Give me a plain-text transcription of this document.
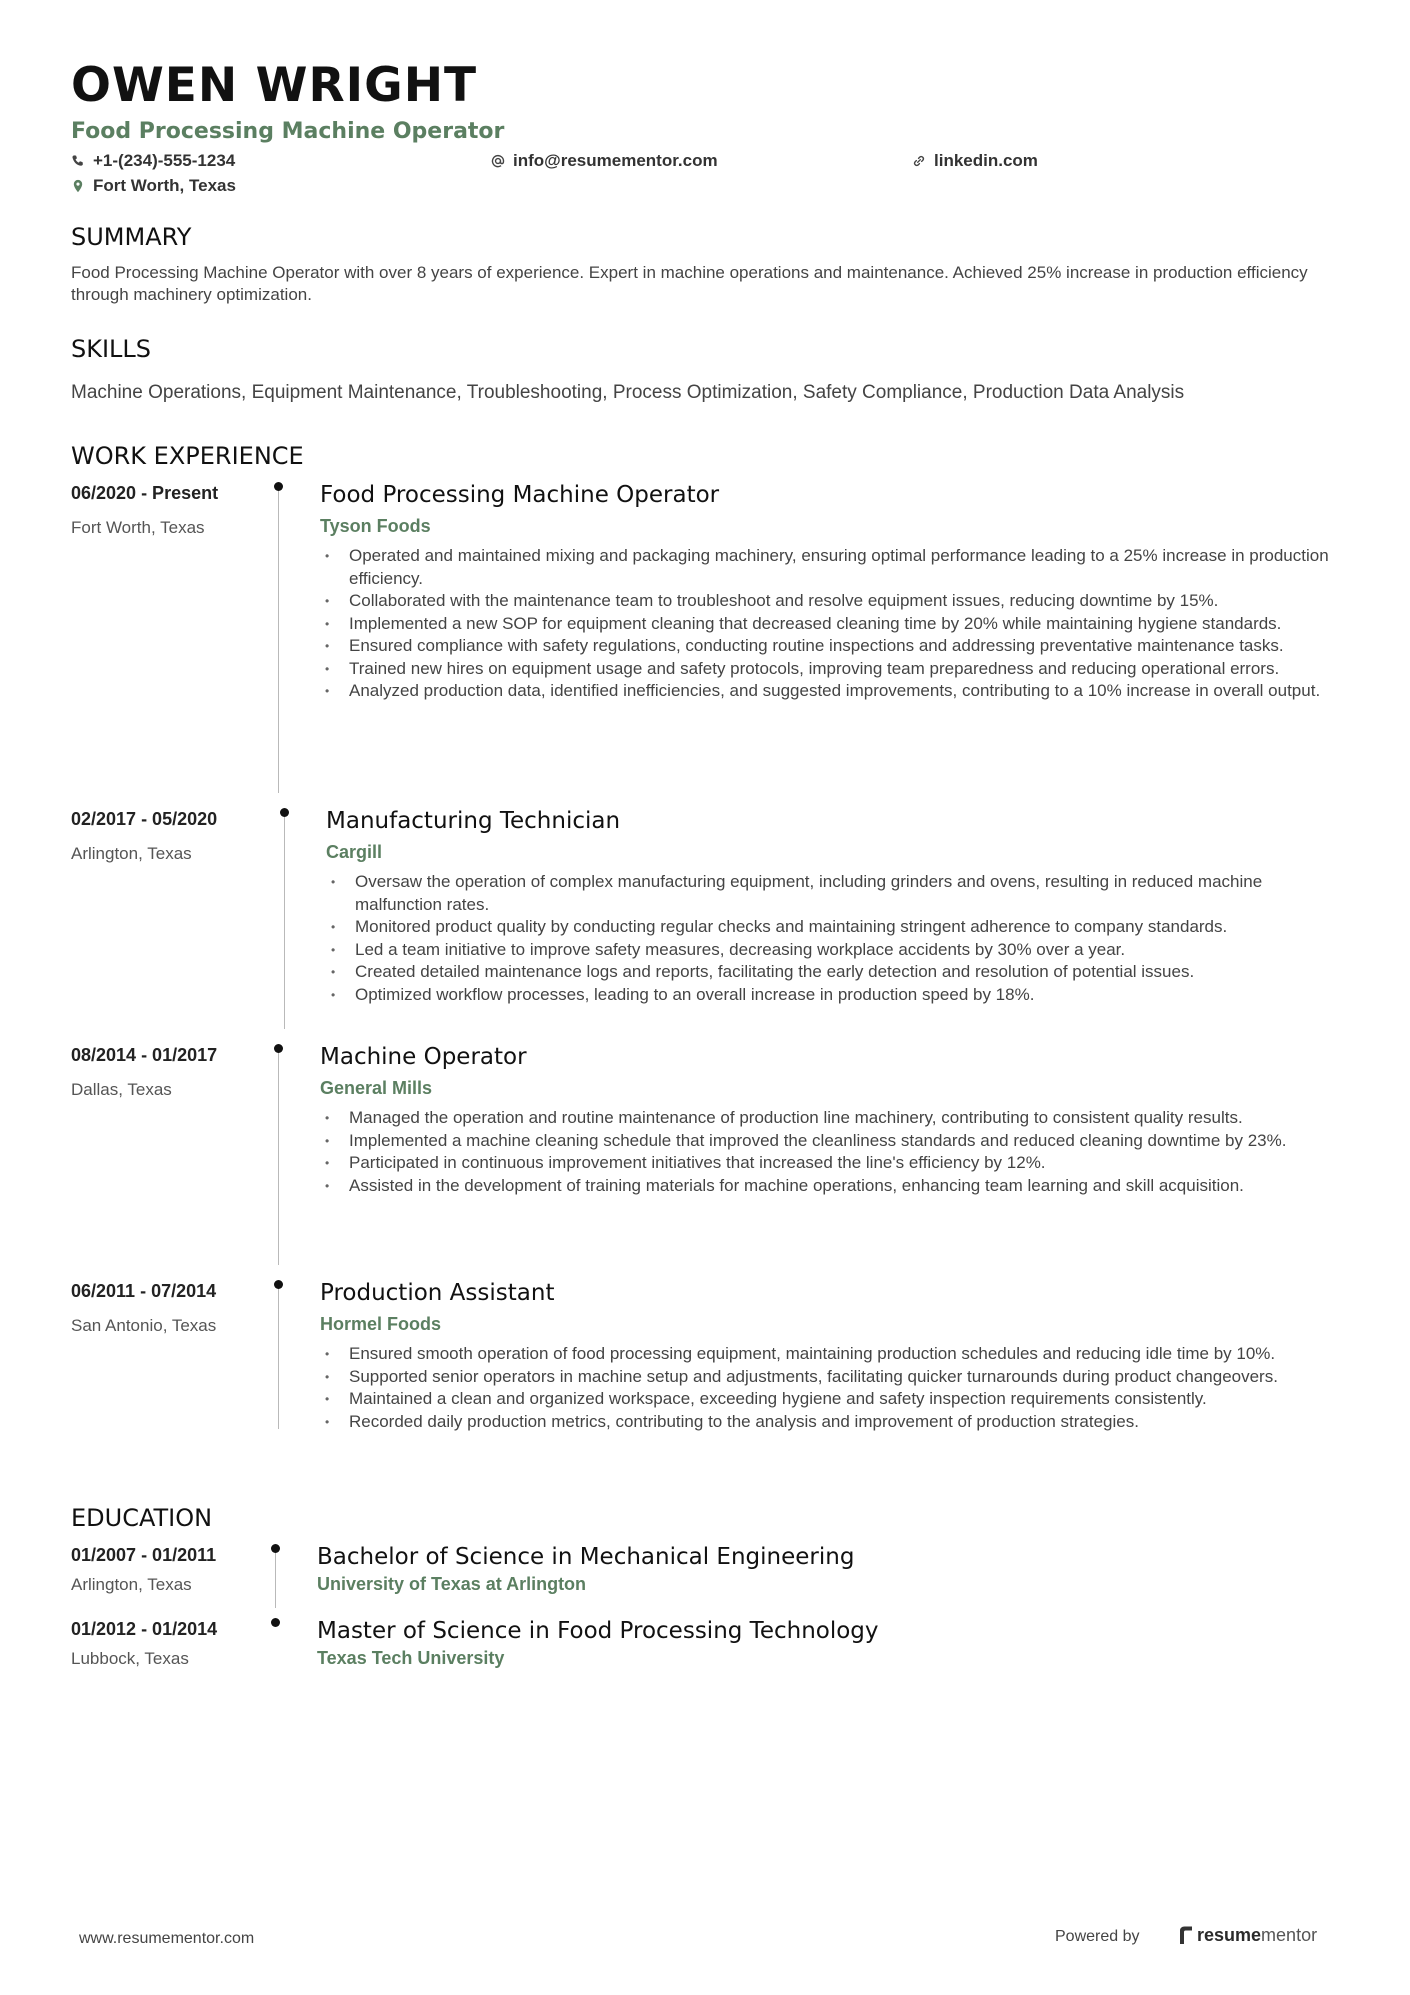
OWEN WRIGHT
Food Processing Machine Operator
+1-(234)-555-1234	info@resumementor.com	linkedin.com
Fort Worth, Texas
SUMMARY

Food Processing Machine Operator with over 8 years of experience. Expert in machine operations and maintenance. Achieved 25% increase in production efficiency through machinery optimization.

SKILLS

Machine Operations, Equipment Maintenance, Troubleshooting, Process Optimization, Safety Compliance, Production Data Analysis

WORK EXPERIENCE
06/2020 - Present
Fort Worth, Texas
Food Processing Machine Operator
Tyson Foods
• Operated and maintained mixing and packaging machinery, ensuring optimal performance leading to a 25% increase in production efficiency.
• Collaborated with the maintenance team to troubleshoot and resolve equipment issues, reducing downtime by 15%.
• Implemented a new SOP for equipment cleaning that decreased cleaning time by 20% while maintaining hygiene standards.
• Ensured compliance with safety regulations, conducting routine inspections and addressing preventative maintenance tasks.
• Trained new hires on equipment usage and safety protocols, improving team preparedness and reducing operational errors.
• Analyzed production data, identified inefficiencies, and suggested improvements, contributing to a 10% increase in overall output.
02/2017 - 05/2020
Arlington, Texas
Manufacturing Technician
Cargill
• Oversaw the operation of complex manufacturing equipment, including grinders and ovens, resulting in reduced machine malfunction rates.
• Monitored product quality by conducting regular checks and maintaining stringent adherence to company standards.
• Led a team initiative to improve safety measures, decreasing workplace accidents by 30% over a year.
• Created detailed maintenance logs and reports, facilitating the early detection and resolution of potential issues.
• Optimized workflow processes, leading to an overall increase in production speed by 18%.
08/2014 - 01/2017
Dallas, Texas
Machine Operator
General Mills
• Managed the operation and routine maintenance of production line machinery, contributing to consistent quality results.
• Implemented a machine cleaning schedule that improved the cleanliness standards and reduced cleaning downtime by 23%.
• Participated in continuous improvement initiatives that increased the line's efficiency by 12%.
• Assisted in the development of training materials for machine operations, enhancing team learning and skill acquisition.
06/2011 - 07/2014
San Antonio, Texas
Production Assistant
Hormel Foods
• Ensured smooth operation of food processing equipment, maintaining production schedules and reducing idle time by 10%.
• Supported senior operators in machine setup and adjustments, facilitating quicker turnarounds during product changeovers.
• Maintained a clean and organized workspace, exceeding hygiene and safety inspection requirements consistently.
• Recorded daily production metrics, contributing to the analysis and improvement of production strategies.
EDUCATION
01/2007 - 01/2011
Arlington, Texas
Bachelor of Science in Mechanical Engineering
University of Texas at Arlington
01/2012 - 01/2014
Lubbock, Texas
Master of Science in Food Processing Technology
Texas Tech University
www.resumementor.com	Powered by	resumementor
